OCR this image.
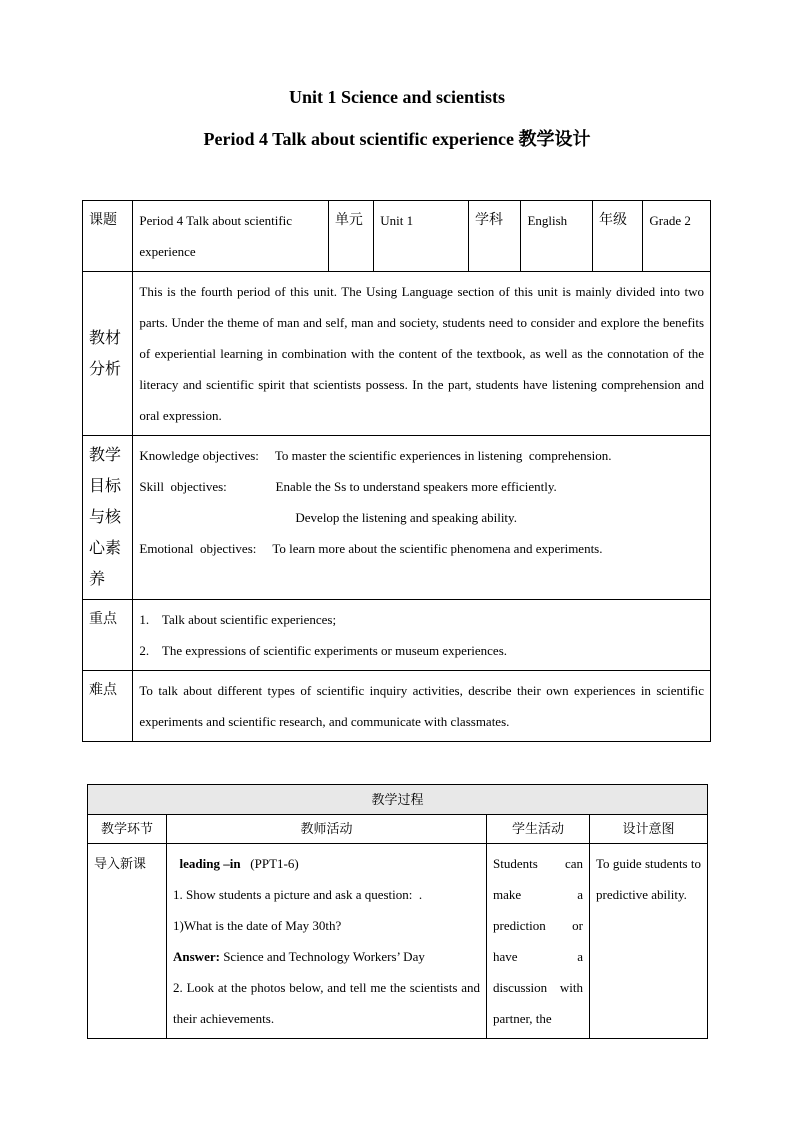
Unit 1 Science and scientists
Period 4 Talk about scientific experience 教学设计
课题	Period 4 Talk about scientific experience	单元	Unit 1	学科	English	年级	Grade 2
教材分析	This is the fourth period of this unit. The Using Language section of this unit is mainly divided into two parts. Under the theme of man and self, man and society, students need to consider and explore the benefits of experiential learning in combination with the content of the textbook, as well as the connotation of the literacy and scientific spirit that scientists possess. In the part, students have listening comprehension and oral expression.						
教学目标与核心素养	Knowledge objectives:     To master the scientific experiences in listening  comprehension.
Skill  objectives:               Enable the Ss to understand speakers more efficiently.
Develop the listening and speaking ability.
Emotional  objectives:     To learn more about the scientific phenomena and experiments.						

重点	1.    Talk about scientific experiences;
2.    The expressions of scientific experiments or museum experiences.						

难点	To talk about different types of scientific inquiry activities, describe their own experiences in scientific experiments and scientific research, and communicate with classmates.						
教学过程			
教学环节	教师活动	学生活动	设计意图
导入新课	leading –in   (PPT1-6)
1. Show students a picture and ask a question:  .
1)What is the date of May 30th?
Answer: Science and Technology Workers’ Day
2. Look at the photos below, and tell me the scientists and their achievements.	Students can make a prediction or have a discussion with partner, the	To guide students to predictive ability.
